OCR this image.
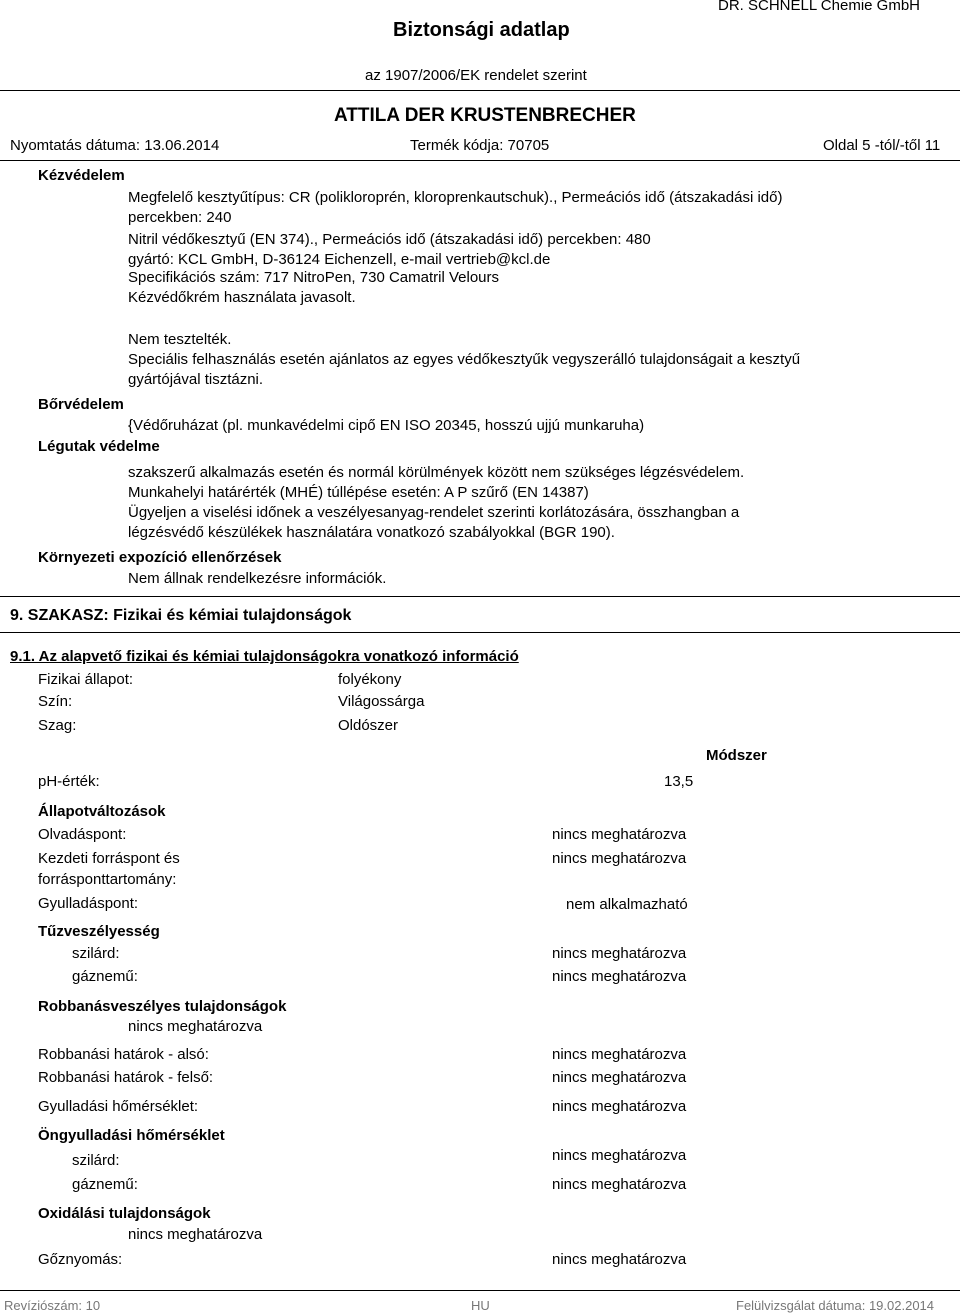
Biztonsági adatlap
DR. SCHNELL Chemie GmbH
az 1907/2006/EK rendelet szerint
ATTILA DER KRUSTENBRECHER
Nyomtatás dátuma: 13.06.2014	Termék kódja: 70705	Oldal 5 -tól/-től 11
Kézvédelem
Megfelelő kesztyűtípus: CR (polikloroprén, kloroprenkautschuk)., Permeációs idő (átszakadási idő)
percekben: 240
Nitril védőkesztyű (EN 374)., Permeációs idő (átszakadási idő) percekben: 480
gyártó: KCL GmbH, D-36124 Eichenzell, e-mail vertrieb@kcl.de
Specifikációs szám: 717 NitroPen, 730 Camatril Velours
Kézvédőkrém használata javasolt.
Nem tesztelték.
Speciális felhasználás esetén ajánlatos az egyes védőkesztyűk vegyszerálló tulajdonságait a kesztyű
gyártójával tisztázni.
Bőrvédelem
{Védőruházat (pl. munkavédelmi cipő EN ISO 20345, hosszú ujjú munkaruha)
Légutak védelme
szakszerű alkalmazás esetén és normál körülmények között nem szükséges légzésvédelem.
Munkahelyi határérték (MHÉ) túllépése esetén: A P szűrő (EN 14387)
Ügyeljen a viselési időnek a veszélyesanyag-rendelet szerinti korlátozására, összhangban a
légzésvédő készülékek használatára vonatkozó szabályokkal (BGR 190).
Környezeti expozíció ellenőrzések
Nem állnak rendelkezésre információk.
9. SZAKASZ: Fizikai és kémiai tulajdonságok
9.1. Az alapvető fizikai és kémiai tulajdonságokra vonatkozó információ
Fizikai állapot:	folyékony
Szín:	Világossárga
Szag:	Oldószer
Módszer
pH-érték:	13,5
Állapotváltozások
Olvadáspont:	nincs meghatározva
Kezdeti forráspont és
forrásponttartomány:
nincs meghatározva
Gyulladáspont:	nem alkalmazható
Tűzveszélyesség
szilárd:	nincs meghatározva
gáznemű:	nincs meghatározva
Robbanásveszélyes tulajdonságok
nincs meghatározva
Robbanási határok - alsó:	nincs meghatározva
Robbanási határok - felső:	nincs meghatározva
Gyulladási hőmérséklet:	nincs meghatározva
Öngyulladási hőmérséklet
szilárd:	nincs meghatározva
gáznemű:	nincs meghatározva
Oxidálási tulajdonságok
nincs meghatározva
Gőznyomás:	nincs meghatározva
Revíziószám: 10	HU	Felülvizsgálat dátuma: 19.02.2014
